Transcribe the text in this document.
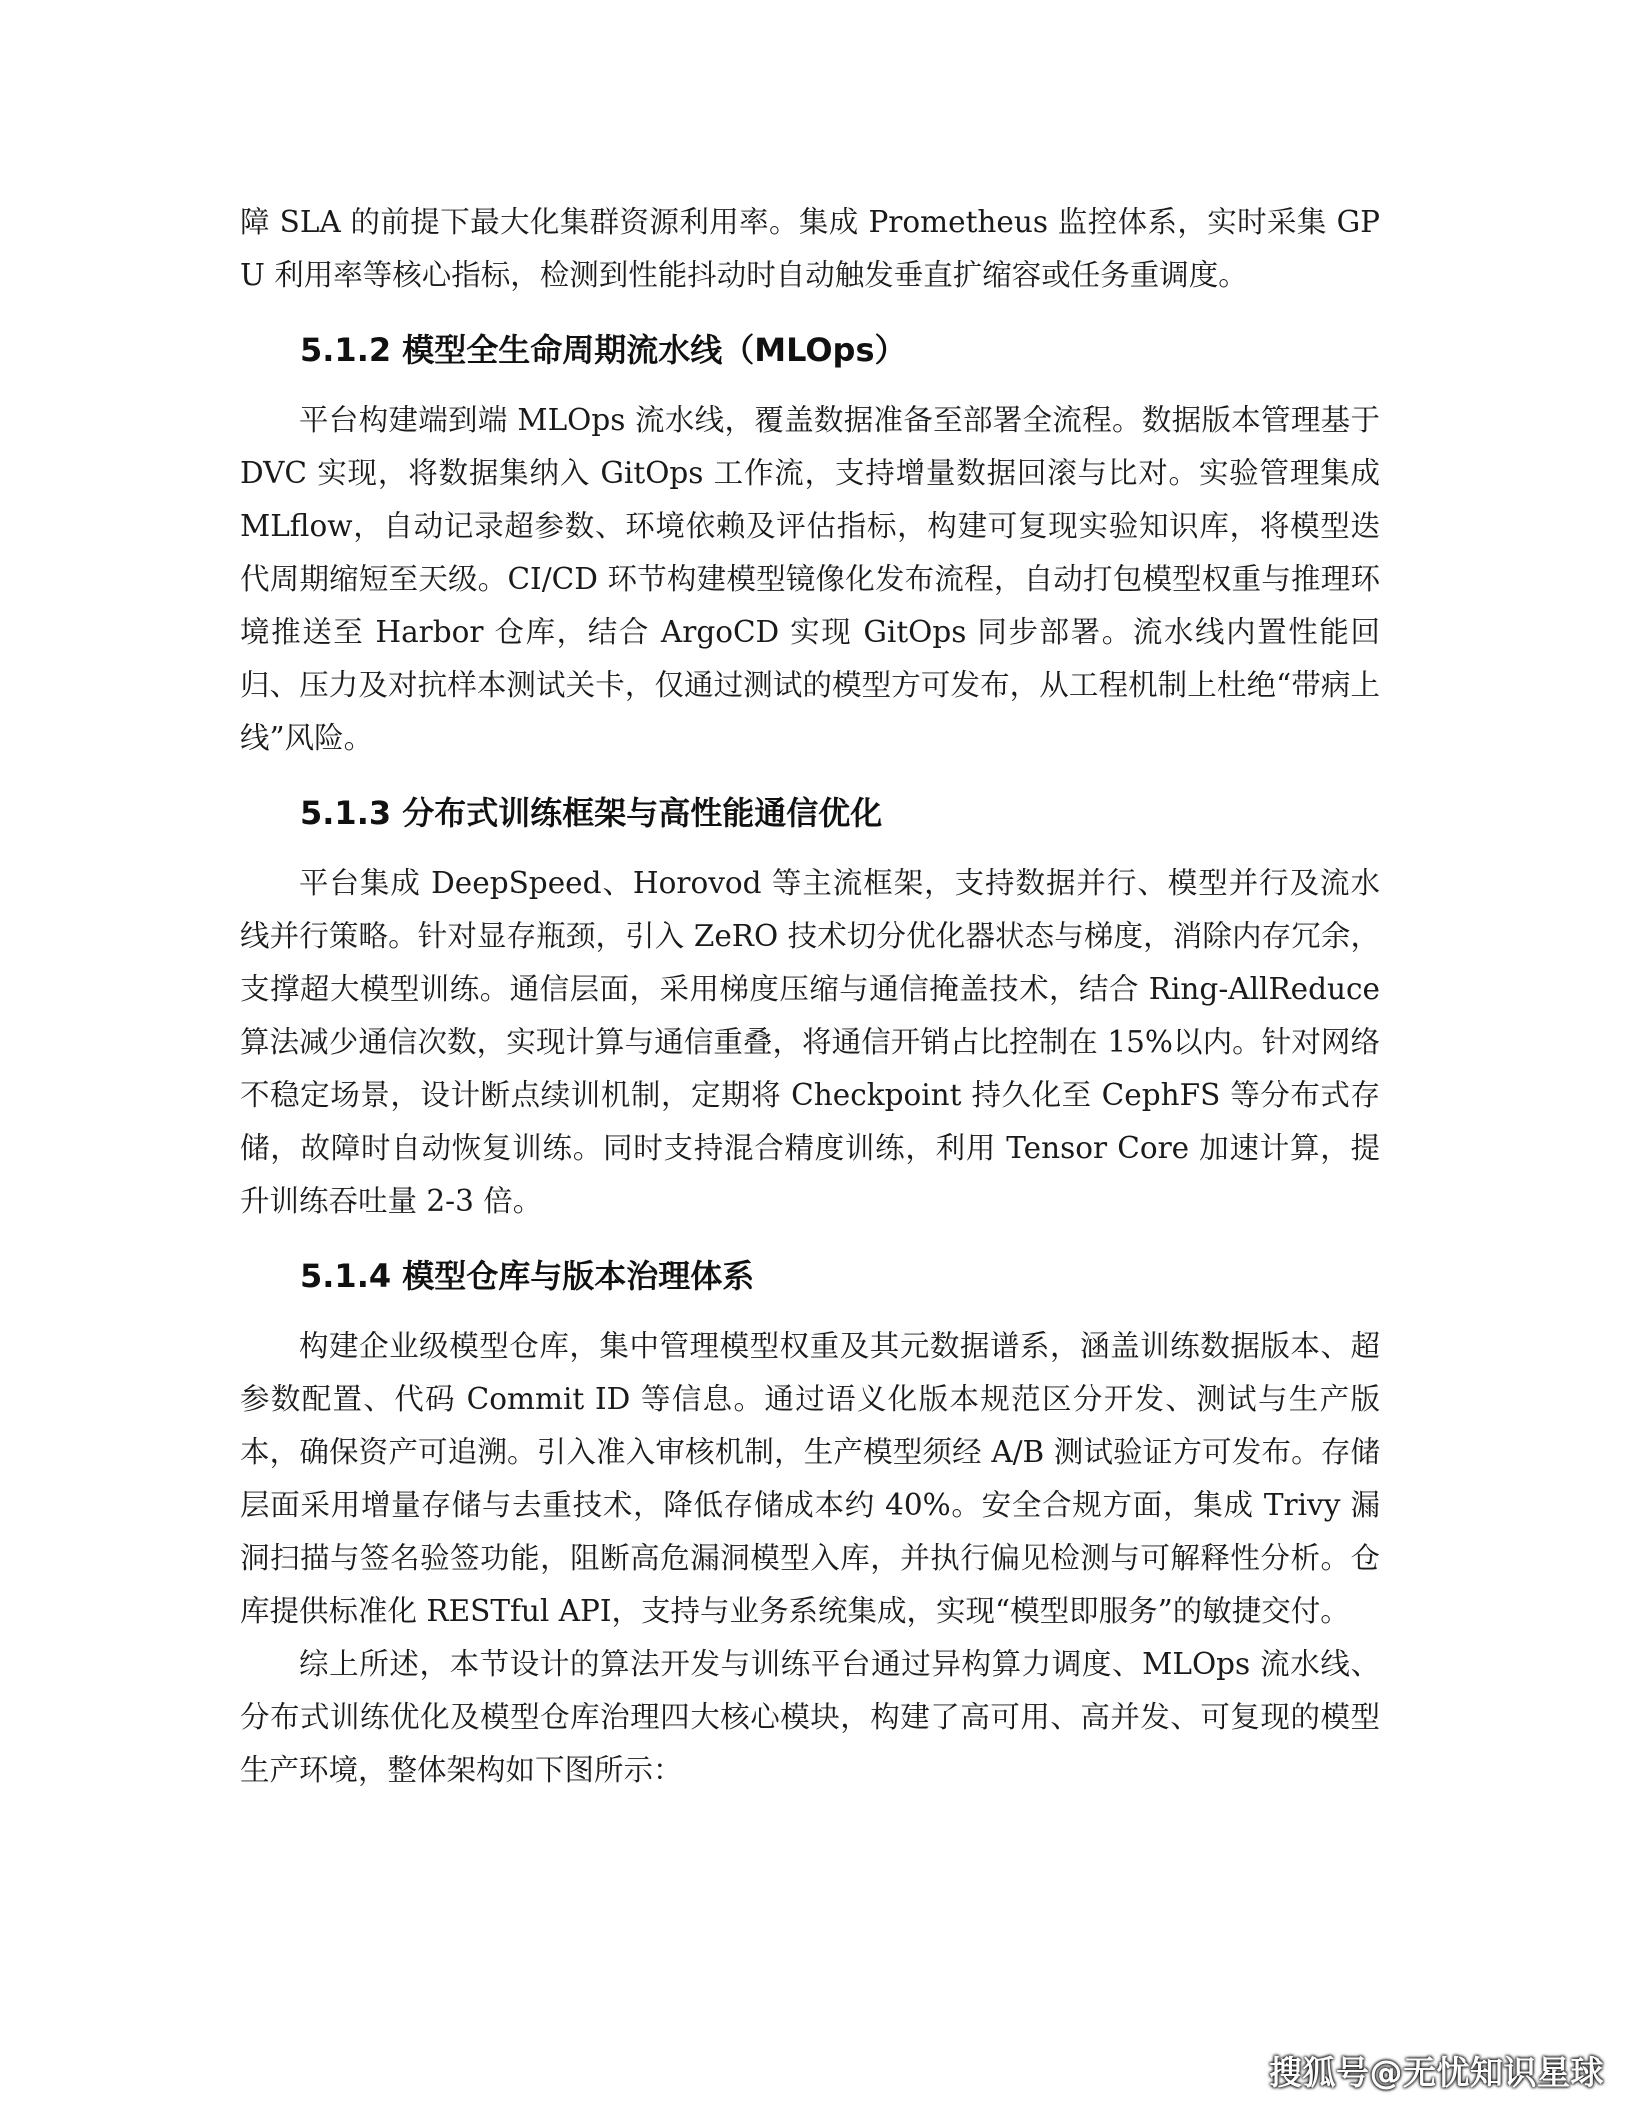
障 SLA 的前提下最大化集群资源利用率。集成 Prometheus 监控体系，实时采集 GPU 利用率等核心指标，检测到性能抖动时自动触发垂直扩缩容或任务重调度。

5.1.2 模型全生命周期流水线（MLOps）

平台构建端到端 MLOps 流水线，覆盖数据准备至部署全流程。数据版本管理基于 DVC 实现，将数据集纳入 GitOps 工作流，支持增量数据回滚与比对。实验管理集成 MLflow，自动记录超参数、环境依赖及评估指标，构建可复现实验知识库，将模型迭代周期缩短至天级。CI/CD 环节构建模型镜像化发布流程，自动打包模型权重与推理环境推送至 Harbor 仓库，结合 ArgoCD 实现 GitOps 同步部署。流水线内置性能回归、压力及对抗样本测试关卡，仅通过测试的模型方可发布，从工程机制上杜绝“带病上线”风险。

5.1.3 分布式训练框架与高性能通信优化

平台集成 DeepSpeed、Horovod 等主流框架，支持数据并行、模型并行及流水线并行策略。针对显存瓶颈，引入 ZeRO 技术切分优化器状态与梯度，消除内存冗余，支撑超大模型训练。通信层面，采用梯度压缩与通信掩盖技术，结合 Ring-AllReduce 算法减少通信次数，实现计算与通信重叠，将通信开销占比控制在 15%以内。针对网络不稳定场景，设计断点续训机制，定期将 Checkpoint 持久化至 CephFS 等分布式存储，故障时自动恢复训练。同时支持混合精度训练，利用 Tensor Core 加速计算，提升训练吞吐量 2-3 倍。

5.1.4 模型仓库与版本治理体系

构建企业级模型仓库，集中管理模型权重及其元数据谱系，涵盖训练数据版本、超参数配置、代码 Commit ID 等信息。通过语义化版本规范区分开发、测试与生产版本，确保资产可追溯。引入准入审核机制，生产模型须经 A/B 测试验证方可发布。存储层面采用增量存储与去重技术，降低存储成本约 40%。安全合规方面，集成 Trivy 漏洞扫描与签名验签功能，阻断高危漏洞模型入库，并执行偏见检测与可解释性分析。仓库提供标准化 RESTful API，支持与业务系统集成，实现“模型即服务”的敏捷交付。

综上所述，本节设计的算法开发与训练平台通过异构算力调度、MLOps 流水线、分布式训练优化及模型仓库治理四大核心模块，构建了高可用、高并发、可复现的模型生产环境，整体架构如下图所示：

搜狐号@无忧知识星球
